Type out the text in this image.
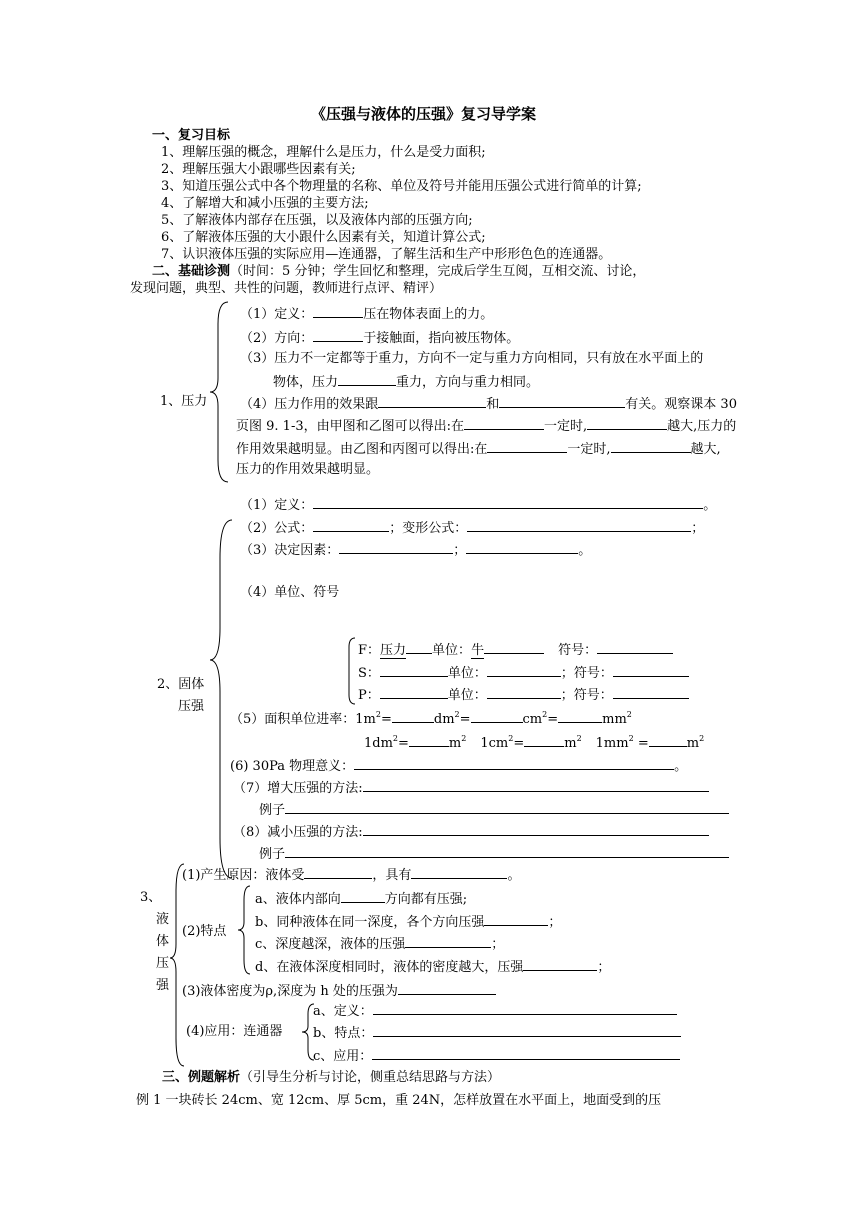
《压强与液体的压强》复习导学案
一、复习目标
1、理解压强的概念，理解什么是压力，什么是受力面积;
2、理解压强大小跟哪些因素有关;
3、知道压强公式中各个物理量的名称、单位及符号并能用压强公式进行简单的计算;
4、了解增大和减小压强的主要方法;
5、了解液体内部存在压强，以及液体内部的压强方向;
6、了解液体压强的大小跟什么因素有关，知道计算公式;
7、认识液体压强的实际应用—连通器，了解生活和生产中形形色色的连通器。
二、基础诊测（时间：5 分钟；学生回忆和整理，完成后学生互阅，互相交流、讨论，
发现问题，典型、共性的问题，教师进行点评、精评）
1、压力
（1）定义：	压在物体表面上的力。
（2）方向：	于接触面，指向被压物体。
（3）压力不一定都等于重力，方向不一定与重力方向相同，只有放在水平面上的
物体，压力	重力，方向与重力相同。
（4）压力作用的效果跟	和	有关。观察课本 30
页图 9. 1-3，由甲图和乙图可以得出:在	一定时,	越大,压力的
作用效果越明显。由乙图和丙图可以得出:在	一定时,	越大,
压力的作用效果越明显。
2、固体
压强
（1）定义：	。
（2）公式：	；变形公式：	；
（3）决定因素：	；	。
（4）单位、符号
F：压力 单位：牛	符号：
S：	单位：	；符号：
P：	单位：	；符号：
（5）面积单位进率：$1m^2=$	$dm^2=$	$cm^2=$	$mm^2$
$1dm^2=$	$m^2$ $1cm^2=$	$m^2$ $1mm^2$ =	$m^2$
(6) 30Pa 物理意义：	。
（7）增大压强的方法:
例子
（8）减小压强的方法:
例子
3、
液
体
压
强
(1)产生原因：液体受	，具有	。
(2)特点
a、液体内部向	方向都有压强;
b、同种液体在同一深度，各个方向压强	；
c、深度越深，液体的压强	；
d、在液体深度相同时，液体的密度越大，压强	；
(3)液体密度为ρ,深度为 h 处的压强为
(4)应用：连通器
a、定义：
b、特点：
c、应用：
三、例题解析（引导生分析与讨论，侧重总结思路与方法）
例 1 一块砖长 24cm、宽 12cm、厚 5cm，重 24N，怎样放置在水平面上，地面受到的压
